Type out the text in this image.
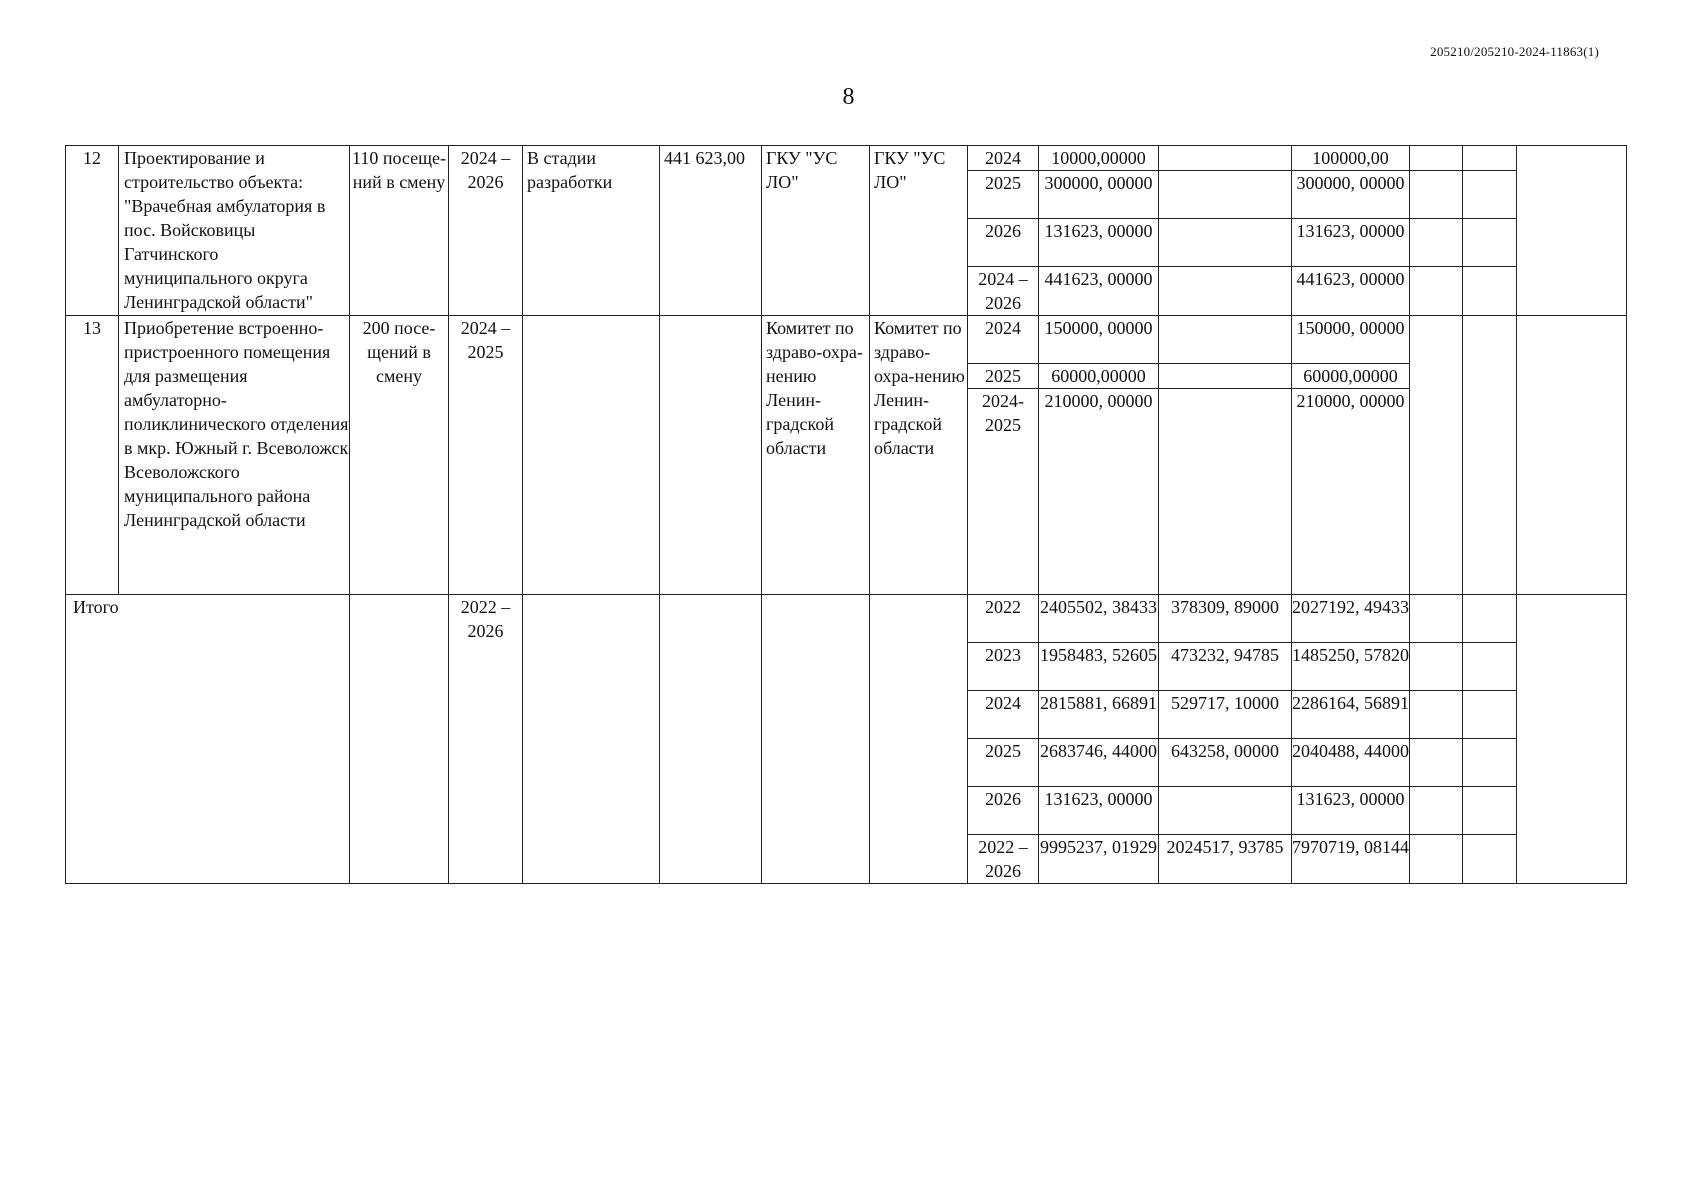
205210/205210-2024-11863(1)
8
12	Проектирование и строительство объекта: "Врачебная амбулатория в пос. Войсковицы Гатчинского муниципального округа Ленинградской области"	110 посеще-ний в смену	2024 – 2026	В стадии разработки	441 623,00	ГКУ "УС ЛО"	ГКУ "УС ЛО"	2024	10000,00000		100000,00			
								2025	300000, 00000		300000, 00000			
								2026	131623, 00000		131623, 00000			
								2024 – 2026	441623, 00000		441623, 00000			
13	Приобретение встроенно-пристроенного помещения для размещения амбулаторно-поликлинического отделения в мкр. Южный г. Всеволожск Всеволожского муниципального района Ленинградской области	200 посе-щений в смену	2024 – 2025			Комитет по здраво-охра-нению Ленин-градской области	Комитет по здраво-охра-нению Ленин-градской области	2024	150000, 00000		150000, 00000			
								2025	60000,00000		60000,00000			
								2024- 2025	210000, 00000		210000, 00000			
Итого			2022 – 2026					2022	2405502, 38433	378309, 89000	2027192, 49433			
								2023	1958483, 52605	473232, 94785	1485250, 57820			
								2024	2815881, 66891	529717, 10000	2286164, 56891			
								2025	2683746, 44000	643258, 00000	2040488, 44000			
								2026	131623, 00000		131623, 00000			
								2022 – 2026	9995237, 01929	2024517, 93785	7970719, 08144			
